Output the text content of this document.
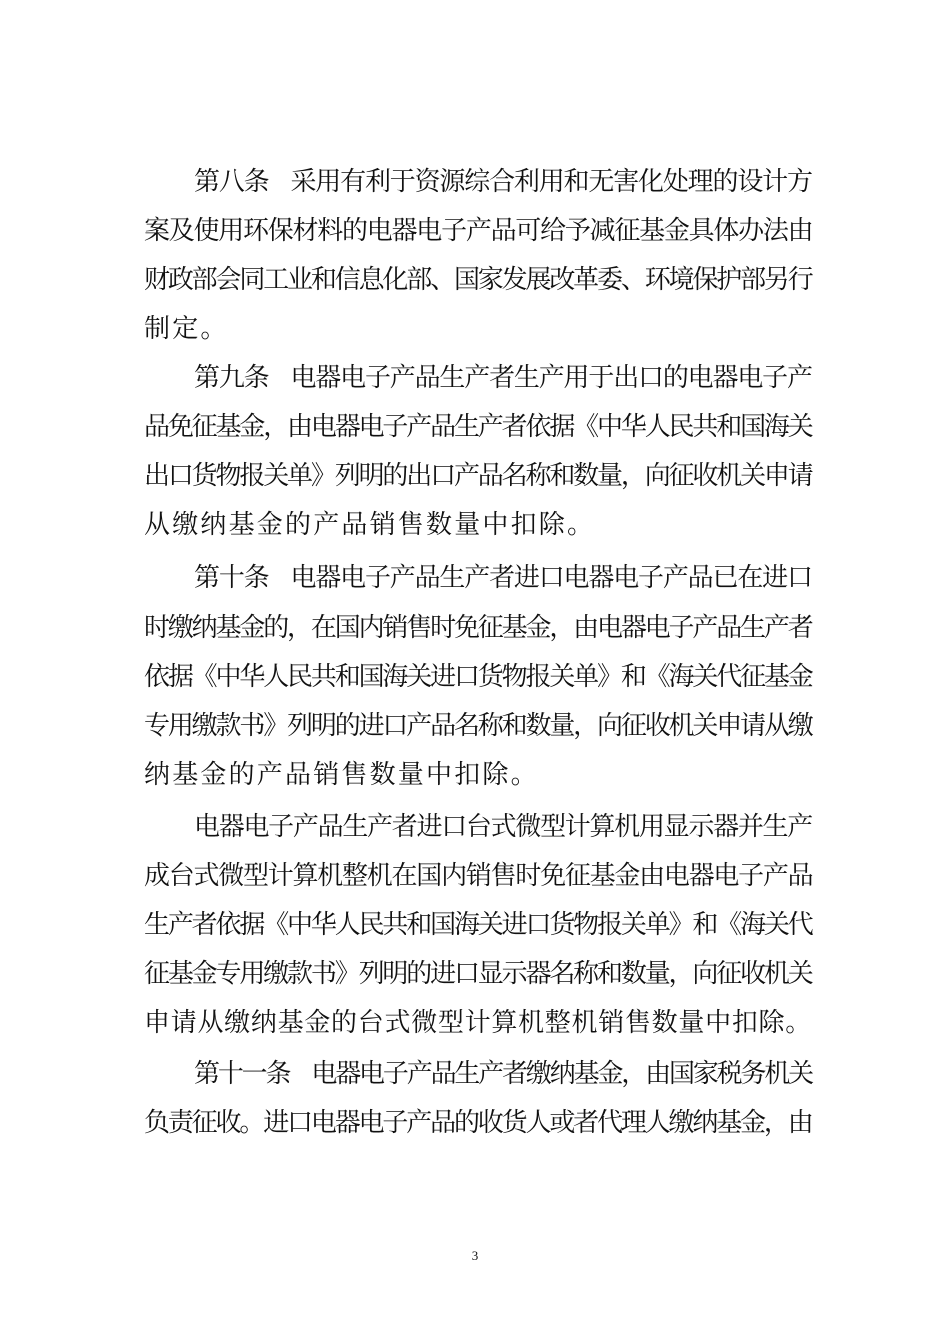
第八条 采用有利于资源综合利用和无害化处理的设计方
案及使用环保材料的电器电子产品可给予减征基金具体办法由
财政部会同工业和信息化部、国家发展改革委、环境保护部另行
制定。
第九条 电器电子产品生产者生产用于出口的电器电子产
品免征基金，由电器电子产品生产者依据《中华人民共和国海关
出口货物报关单》列明的出口产品名称和数量，向征收机关申请
从缴纳基金的产品销售数量中扣除。
第十条 电器电子产品生产者进口电器电子产品已在进口
时缴纳基金的，在国内销售时免征基金，由电器电子产品生产者
依据《中华人民共和国海关进口货物报关单》和《海关代征基金
专用缴款书》列明的进口产品名称和数量，向征收机关申请从缴
纳基金的产品销售数量中扣除。
电器电子产品生产者进口台式微型计算机用显示器并生产
成台式微型计算机整机在国内销售时免征基金由电器电子产品
生产者依据《中华人民共和国海关进口货物报关单》和《海关代
征基金专用缴款书》列明的进口显示器名称和数量，向征收机关
申请从缴纳基金的台式微型计算机整机销售数量中扣除。
第十一条 电器电子产品生产者缴纳基金，由国家税务机关
负责征收。进口电器电子产品的收货人或者代理人缴纳基金，由
3
